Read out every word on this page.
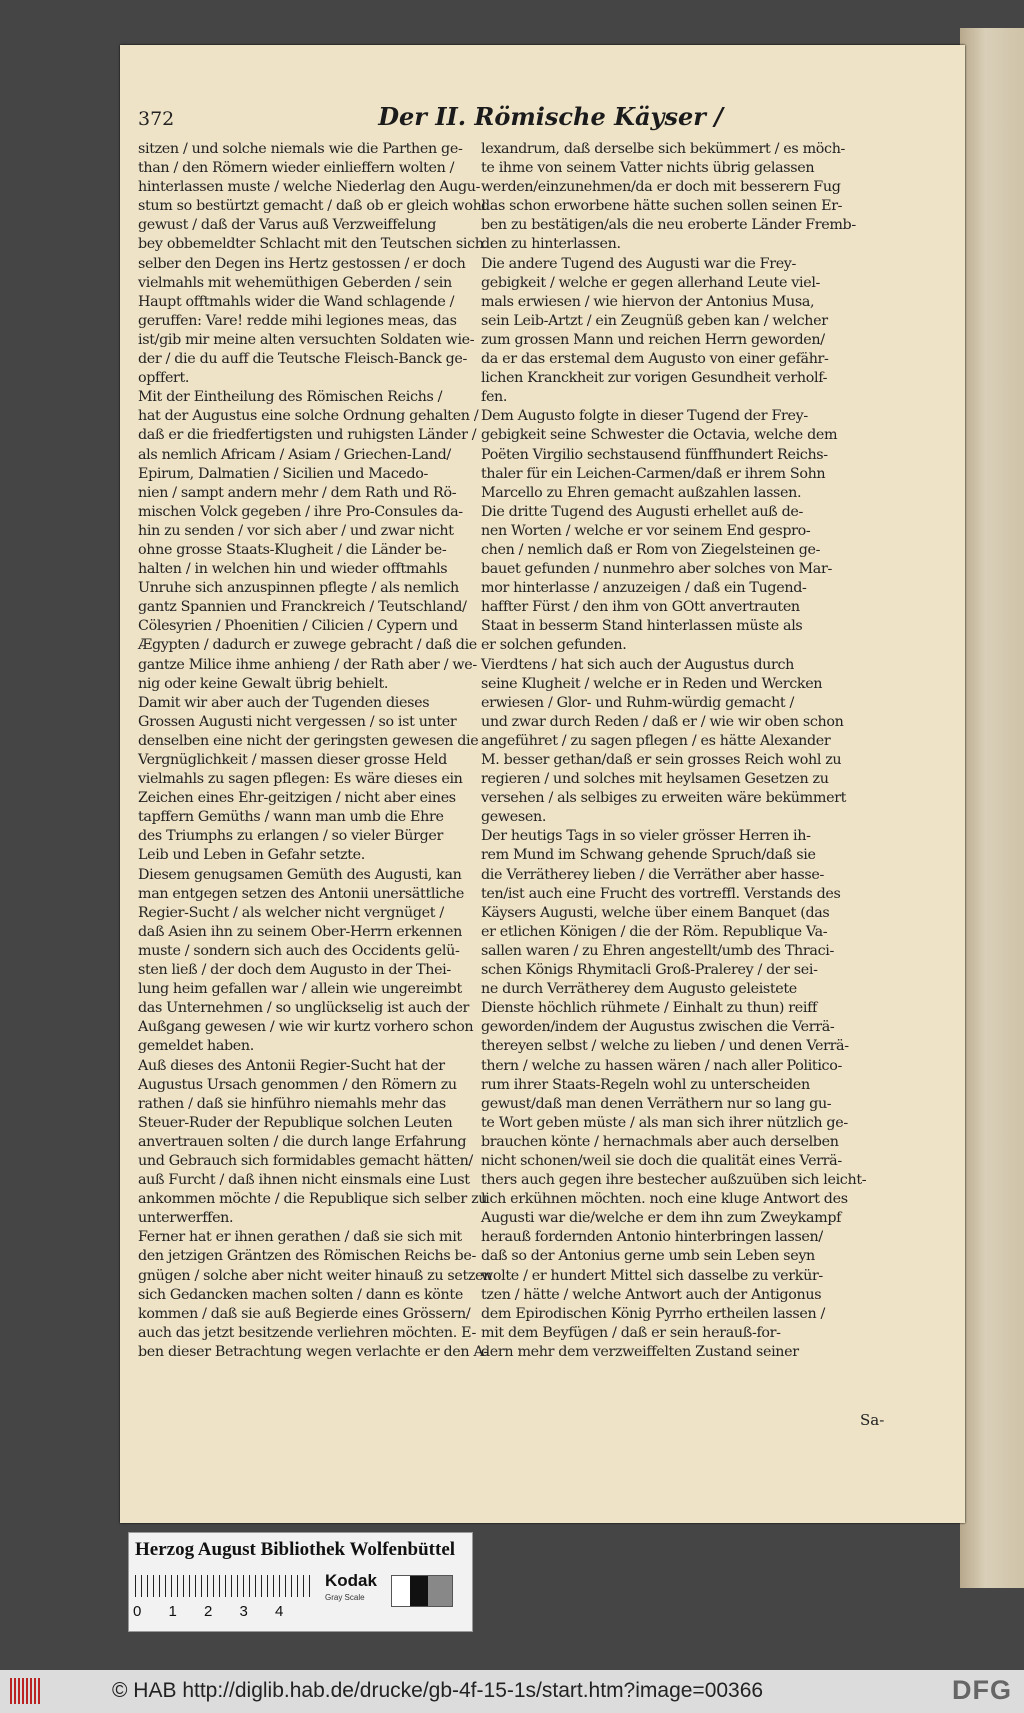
372	Der II. Römische Käyser /
sitzen / und solche niemals wie die Parthen ge-
than / den Römern wieder einlieffern wolten /
hinterlassen muste / welche Niederlag den Augu-
stum so bestürtzt gemacht / daß ob er gleich wohl
gewust / daß der Varus auß Verzweiffelung
bey obbemeldter Schlacht mit den Teutschen sich
selber den Degen ins Hertz gestossen / er doch
vielmahls mit wehemüthigen Geberden / sein
Haupt offtmahls wider die Wand schlagende /
geruffen: Vare! redde mihi legiones meas, das
ist/gib mir meine alten versuchten Soldaten wie-
der / die du auff die Teutsche Fleisch-Banck ge-
opffert.
Mit der Eintheilung des Römischen Reichs /
hat der Augustus eine solche Ordnung gehalten /
daß er die friedfertigsten und ruhigsten Länder /
als nemlich Africam / Asiam / Griechen-Land/
Epirum, Dalmatien / Sicilien und Macedo-
nien / sampt andern mehr / dem Rath und Rö-
mischen Volck gegeben / ihre Pro-Consules da-
hin zu senden / vor sich aber / und zwar nicht
ohne grosse Staats-Klugheit / die Länder be-
halten / in welchen hin und wieder offtmahls
Unruhe sich anzuspinnen pflegte / als nemlich
gantz Spannien und Franckreich / Teutschland/
Cölesyrien / Phoenitien / Cilicien / Cypern und
Ægypten / dadurch er zuwege gebracht / daß die
gantze Milice ihme anhieng / der Rath aber / we-
nig oder keine Gewalt übrig behielt.
Damit wir aber auch der Tugenden dieses
Grossen Augusti nicht vergessen / so ist unter
denselben eine nicht der geringsten gewesen die
Vergnüglichkeit / massen dieser grosse Held
vielmahls zu sagen pflegen: Es wäre dieses ein
Zeichen eines Ehr-geitzigen / nicht aber eines
tapffern Gemüths / wann man umb die Ehre
des Triumphs zu erlangen / so vieler Bürger
Leib und Leben in Gefahr setzte.
Diesem genugsamen Gemüth des Augusti, kan
man entgegen setzen des Antonii unersättliche
Regier-Sucht / als welcher nicht vergnüget /
daß Asien ihn zu seinem Ober-Herrn erkennen
muste / sondern sich auch des Occidents gelü-
sten ließ / der doch dem Augusto in der Thei-
lung heim gefallen war / allein wie ungereimbt
das Unternehmen / so unglückselig ist auch der
Außgang gewesen / wie wir kurtz vorhero schon
gemeldet haben.
Auß dieses des Antonii Regier-Sucht hat der
Augustus Ursach genommen / den Römern zu
rathen / daß sie hinführo niemahls mehr das
Steuer-Ruder der Republique solchen Leuten
anvertrauen solten / die durch lange Erfahrung
und Gebrauch sich formidables gemacht hätten/
auß Furcht / daß ihnen nicht einsmals eine Lust
ankommen möchte / die Republique sich selber zu
unterwerffen.
Ferner hat er ihnen gerathen / daß sie sich mit
den jetzigen Gräntzen des Römischen Reichs be-
gnügen / solche aber nicht weiter hinauß zu setzen
sich Gedancken machen solten / dann es könte
kommen / daß sie auß Begierde eines Grössern/
auch das jetzt besitzende verliehren möchten. E-
ben dieser Betrachtung wegen verlachte er den A-
lexandrum, daß derselbe sich bekümmert / es möch-
te ihme von seinem Vatter nichts übrig gelassen
werden/einzunehmen/da er doch mit besserern Fug
das schon erworbene hätte suchen sollen seinen Er-
ben zu bestätigen/als die neu eroberte Länder Fremb-
den zu hinterlassen.
Die andere Tugend des Augusti war die Frey-
gebigkeit / welche er gegen allerhand Leute viel-
mals erwiesen / wie hiervon der Antonius Musa,
sein Leib-Artzt / ein Zeugnüß geben kan / welcher
zum grossen Mann und reichen Herrn geworden/
da er das erstemal dem Augusto von einer gefähr-
lichen Kranckheit zur vorigen Gesundheit verholf-
fen.
Dem Augusto folgte in dieser Tugend der Frey-
gebigkeit seine Schwester die Octavia, welche dem
Poëten Virgilio sechstausend fünffhundert Reichs-
thaler für ein Leichen-Carmen/daß er ihrem Sohn
Marcello zu Ehren gemacht außzahlen lassen.
Die dritte Tugend des Augusti erhellet auß de-
nen Worten / welche er vor seinem End gespro-
chen / nemlich daß er Rom von Ziegelsteinen ge-
bauet gefunden / nunmehro aber solches von Mar-
mor hinterlasse / anzuzeigen / daß ein Tugend-
haffter Fürst / den ihm von GOtt anvertrauten
Staat in besserm Stand hinterlassen müste als
er solchen gefunden.
Vierdtens / hat sich auch der Augustus durch
seine Klugheit / welche er in Reden und Wercken
erwiesen / Glor- und Ruhm-würdig gemacht /
und zwar durch Reden / daß er / wie wir oben schon
angeführet / zu sagen pflegen / es hätte Alexander
M. besser gethan/daß er sein grosses Reich wohl zu
regieren / und solches mit heylsamen Gesetzen zu
versehen / als selbiges zu erweiten wäre bekümmert
gewesen.
Der heutigs Tags in so vieler grösser Herren ih-
rem Mund im Schwang gehende Spruch/daß sie
die Verrätherey lieben / die Verräther aber hasse-
ten/ist auch eine Frucht des vortreffl. Verstands des
Käysers Augusti, welche über einem Banquet (das
er etlichen Königen / die der Röm. Republique Va-
sallen waren / zu Ehren angestellt/umb des Thraci-
schen Königs Rhymitacli Groß-Pralerey / der sei-
ne durch Verrätherey dem Augusto geleistete
Dienste höchlich rühmete / Einhalt zu thun) reiff
geworden/indem der Augustus zwischen die Verrä-
thereyen selbst / welche zu lieben / und denen Verrä-
thern / welche zu hassen wären / nach aller Politico-
rum ihrer Staats-Regeln wohl zu unterscheiden
gewust/daß man denen Verräthern nur so lang gu-
te Wort geben müste / als man sich ihrer nützlich ge-
brauchen könte / hernachmals aber auch derselben
nicht schonen/weil sie doch die qualität eines Verrä-
thers auch gegen ihre bestecher außzuüben sich leicht-
lich erkühnen möchten. noch eine kluge Antwort des
Augusti war die/welche er dem ihn zum Zweykampf
herauß fordernden Antonio hinterbringen lassen/
daß so der Antonius gerne umb sein Leben seyn
wolte / er hundert Mittel sich dasselbe zu verkür-
tzen / hätte / welche Antwort auch der Antigonus
dem Epirodischen König Pyrrho ertheilen lassen /
mit dem Beyfügen / daß er sein herauß-for-
dern mehr dem verzweiffelten Zustand seiner
Sa-
Herzog August Bibliothek Wolfenbüttel
0 1 2 3 4
Kodak
Gray Scale
© HAB http://diglib.hab.de/drucke/gb-4f-15-1s/start.htm?image=00366	DFG
